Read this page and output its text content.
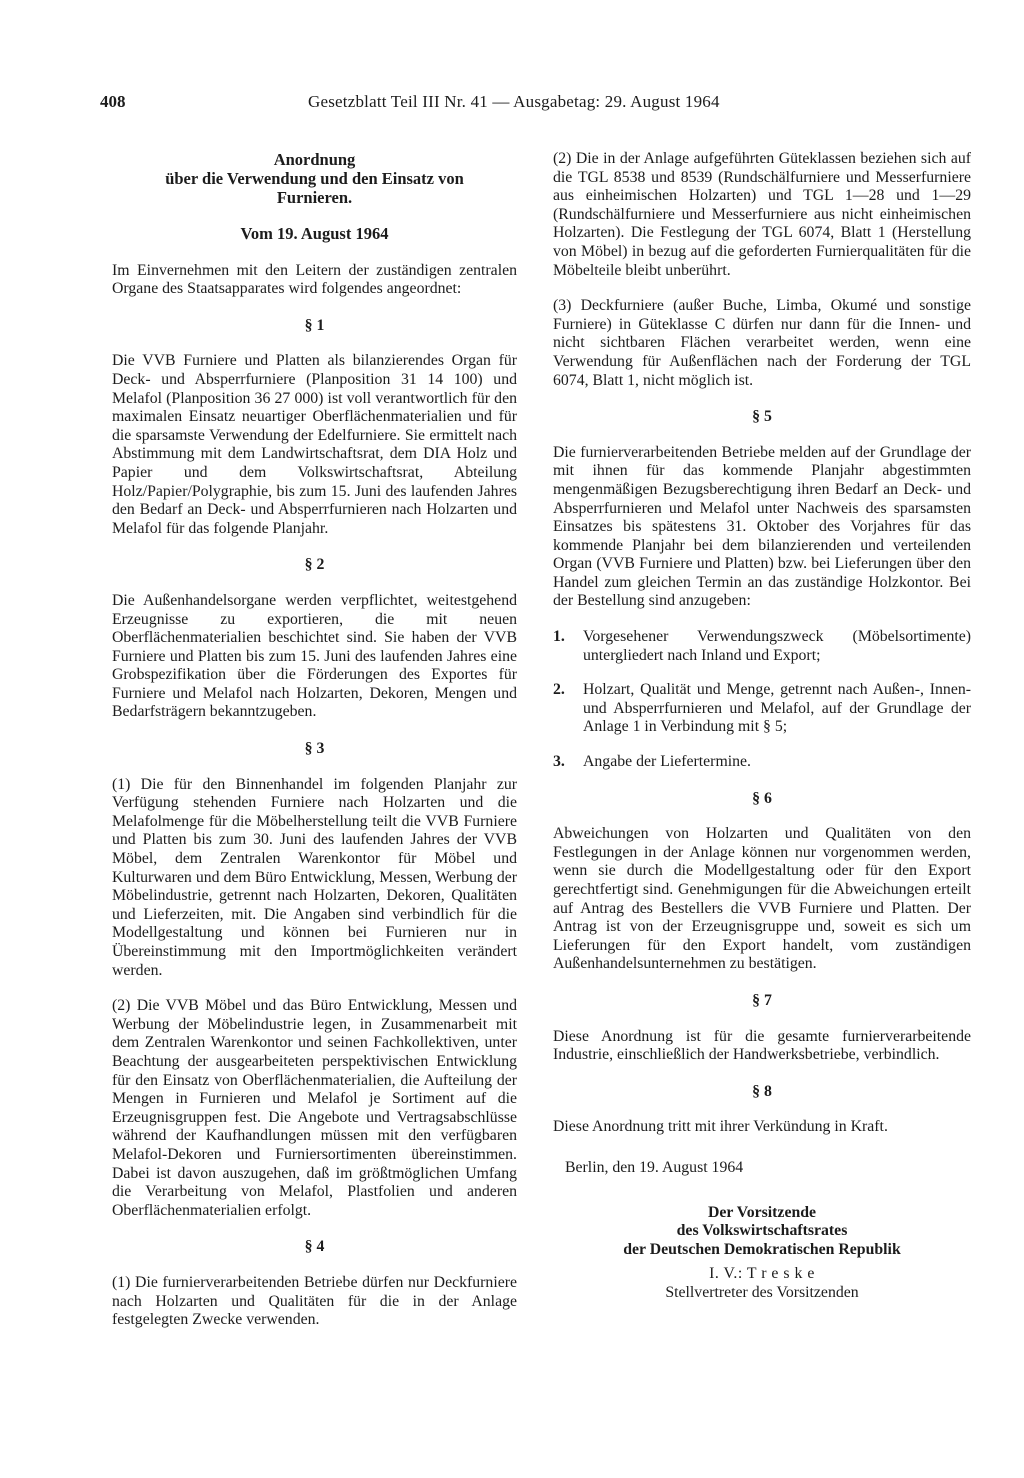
408	Gesetzblatt Teil III Nr. 41 — Ausgabetag: 29. August 1964
Anordnung
über die Verwendung und den Einsatz von
Furnieren.
Vom 19. August 1964

Im Einvernehmen mit den Leitern der zuständigen zentralen Organe des Staatsapparates wird folgendes angeordnet:

§ 1

Die VVB Furniere und Platten als bilanzierendes Organ für Deck- und Absperrfurniere (Planposition 31 14 100) und Melafol (Planposition 36 27 000) ist voll verantwortlich für den maximalen Einsatz neuartiger Oberflächenmaterialien und für die sparsamste Verwendung der Edelfurniere. Sie ermittelt nach Abstimmung mit dem Landwirtschaftsrat, dem DIA Holz und Papier und dem Volkswirtschaftsrat, Abteilung Holz/Papier/Polygraphie, bis zum 15. Juni des laufenden Jahres den Bedarf an Deck- und Absperrfurnieren nach Holzarten und Melafol für das folgende Planjahr.

§ 2

Die Außenhandelsorgane werden verpflichtet, weitestgehend Erzeugnisse zu exportieren, die mit neuen Oberflächenmaterialien beschichtet sind. Sie haben der VVB Furniere und Platten bis zum 15. Juni des laufenden Jahres eine Grobspezifikation über die Förderungen des Exportes für Furniere und Melafol nach Holzarten, Dekoren, Mengen und Bedarfsträgern bekanntzugeben.

§ 3

(1) Die für den Binnenhandel im folgenden Planjahr zur Verfügung stehenden Furniere nach Holzarten und die Melafolmenge für die Möbelherstellung teilt die VVB Furniere und Platten bis zum 30. Juni des laufenden Jahres der VVB Möbel, dem Zentralen Warenkontor für Möbel und Kulturwaren und dem Büro Entwicklung, Messen, Werbung der Möbelindustrie, getrennt nach Holzarten, Dekoren, Qualitäten und Lieferzeiten, mit. Die Angaben sind verbindlich für die Modellgestaltung und können bei Furnieren nur in Übereinstimmung mit den Importmöglichkeiten verändert werden.

(2) Die VVB Möbel und das Büro Entwicklung, Messen und Werbung der Möbelindustrie legen, in Zusammenarbeit mit dem Zentralen Warenkontor und seinen Fachkollektiven, unter Beachtung der ausgearbeiteten perspektivischen Entwicklung für den Einsatz von Oberflächenmaterialien, die Aufteilung der Mengen in Furnieren und Melafol je Sortiment auf die Erzeugnisgruppen fest. Die Angebote und Vertragsabschlüsse während der Kaufhandlungen müssen mit den verfügbaren Melafol-Dekoren und Furniersortimenten übereinstimmen. Dabei ist davon auszugehen, daß im größtmöglichen Umfang die Verarbeitung von Melafol, Plastfolien und anderen Oberflächenmaterialien erfolgt.

§ 4

(1) Die furnierverarbeitenden Betriebe dürfen nur Deckfurniere nach Holzarten und Qualitäten für die in der Anlage festgelegten Zwecke verwenden.

(2) Die in der Anlage aufgeführten Güteklassen beziehen sich auf die TGL 8538 und 8539 (Rundschälfurniere und Messerfurniere aus einheimischen Holzarten) und TGL 1—28 und 1—29 (Rundschälfurniere und Messerfurniere aus nicht einheimischen Holzarten). Die Festlegung der TGL 6074, Blatt 1 (Herstellung von Möbel) in bezug auf die geforderten Furnierqualitäten für die Möbelteile bleibt unberührt.

(3) Deckfurniere (außer Buche, Limba, Okumé und sonstige Furniere) in Güteklasse C dürfen nur dann für die Innen- und nicht sichtbaren Flächen verarbeitet werden, wenn eine Verwendung für Außenflächen nach der Forderung der TGL 6074, Blatt 1, nicht möglich ist.

§ 5

Die furnierverarbeitenden Betriebe melden auf der Grundlage der mit ihnen für das kommende Planjahr abgestimmten mengenmäßigen Bezugsberechtigung ihren Bedarf an Deck- und Absperrfurnieren und Melafol unter Nachweis des sparsamsten Einsatzes bis spätestens 31. Oktober des Vorjahres für das kommende Planjahr bei dem bilanzierenden und verteilenden Organ (VVB Furniere und Platten) bzw. bei Lieferungen über den Handel zum gleichen Termin an das zuständige Holzkontor. Bei der Bestellung sind anzugeben:

1.	Vorgesehener Verwendungszweck (Möbelsortimente) untergliedert nach Inland und Export;
2.	Holzart, Qualität und Menge, getrennt nach Außen-, Innen- und Absperrfurnieren und Melafol, auf der Grundlage der Anlage 1 in Verbindung mit § 5;
3.	Angabe der Liefertermine.
§ 6

Abweichungen von Holzarten und Qualitäten von den Festlegungen in der Anlage können nur vorgenommen werden, wenn sie durch die Modellgestaltung oder für den Export gerechtfertigt sind. Genehmigungen für die Abweichungen erteilt auf Antrag des Bestellers die VVB Furniere und Platten. Der Antrag ist von der Erzeugnisgruppe und, soweit es sich um Lieferungen für den Export handelt, vom zuständigen Außenhandelsunternehmen zu bestätigen.

§ 7

Diese Anordnung ist für die gesamte furnierverarbeitende Industrie, einschließlich der Handwerksbetriebe, verbindlich.

§ 8

Diese Anordnung tritt mit ihrer Verkündung in Kraft.

Berlin, den 19. August 1964
Der Vorsitzende
des Volkswirtschaftsrates
der Deutschen Demokratischen Republik
I. V.: T r e s k e
Stellvertreter des Vorsitzenden
